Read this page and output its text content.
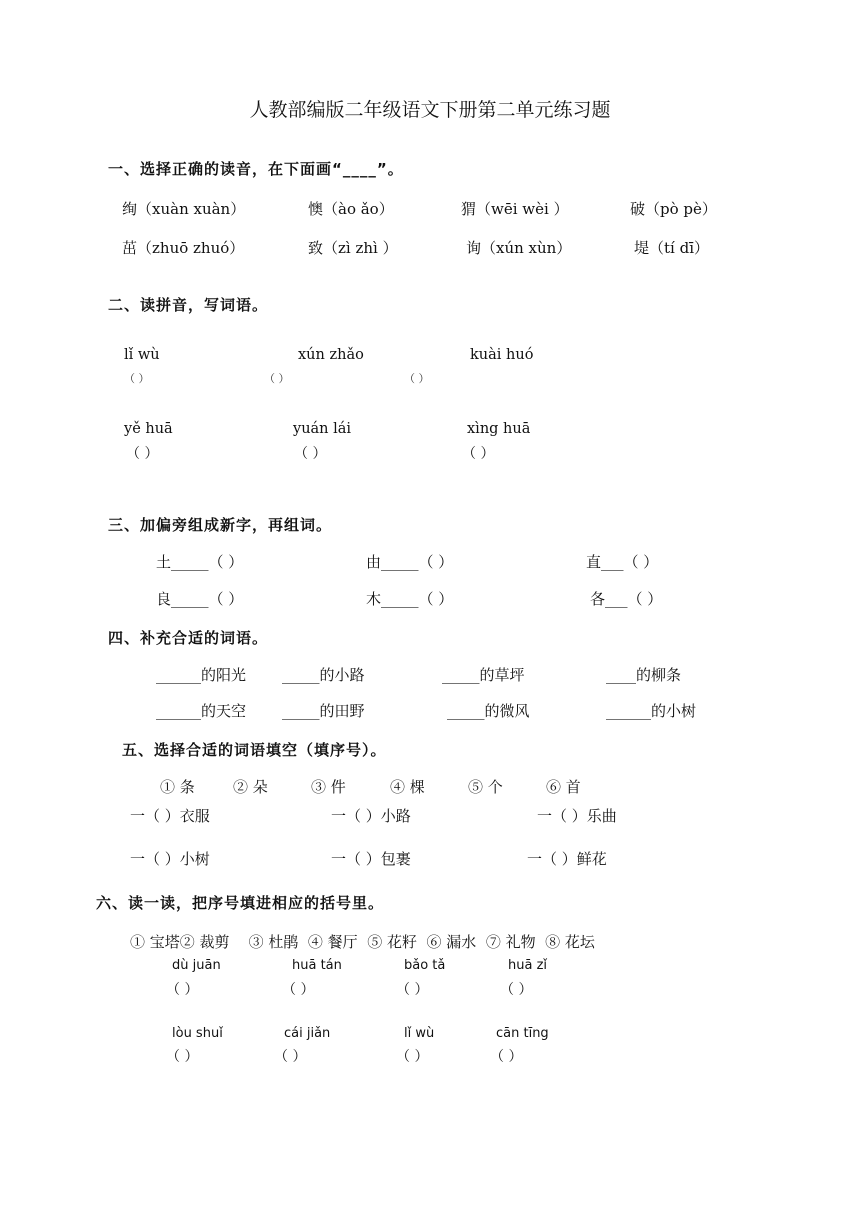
人教部编版二年级语文下册第二单元练习题
一、选择正确的读音，在下面画“____”。
绚（xuàn xuàn）	懊（ào ǎo）	猬（wēi wèi ）	破（pò pè）
茁（zhuō zhuó）	致（zì zhì ）	询（xún xùn）	堤（tí dī）
二、读拼音，写词语。
lǐ wù	xún zhǎo	kuài huó
（ ）	（ ）	（ ）
yě huā	yuán lái	xìng huā
（ ）	（ ）	（ ）
三、加偏旁组成新字，再组词。
土_____（ ）	由_____（ ）	直___（ ）
良_____（ ）	木_____（ ）	各___（ ）
四、补充合适的词语。
______的阳光 _____的小路	_____的草坪	____的柳条
______的天空 _____的田野	_____的微风	______的小树
五、选择合适的词语填空（填序号）。
① 条	② 朵	③ 件	④ 棵	⑤ 个	⑥ 首
一（ ）衣服	一（ ）小路	一（ ）乐曲
一（ ）小树	一（ ）包裹	一（ ）鲜花
六、读一读，把序号填进相应的括号里。
① 宝塔② 裁剪    ③ 杜鹃  ④ 餐厅  ⑤ 花籽  ⑥ 漏水  ⑦ 礼物  ⑧ 花坛
dù juān	huā tán	bǎo tǎ	huā zǐ
（ ）	（ ）	（ ）	（ ）
lòu shuǐ	cái jiǎn	lǐ wù	cān tīng
（ ）	（ ）	（ ）	（ ）
